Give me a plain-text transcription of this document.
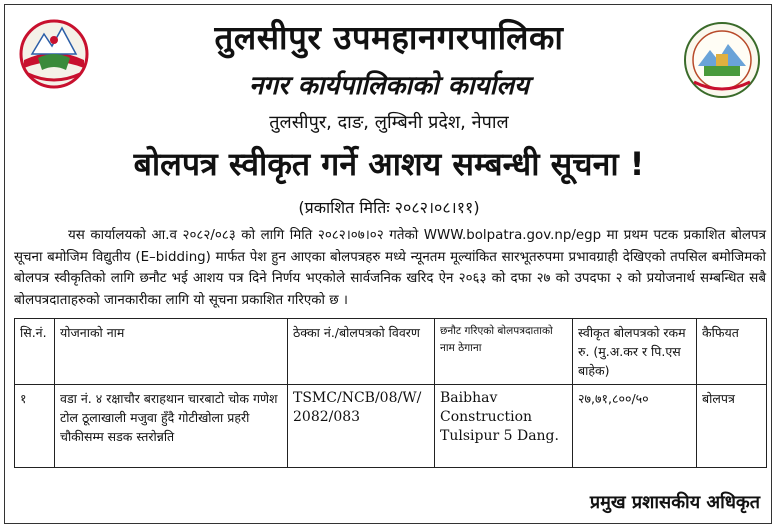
तुलसीपुर उपमहानगरपालिका
नगर कार्यपालिकाको कार्यालय
तुलसीपुर, दाङ, लुम्बिनी प्रदेश, नेपाल
बोलपत्र स्वीकृत गर्ने आशय सम्बन्धी सूचना !
(प्रकाशित मितिः २०८२।०८।११)
यस कार्यालयको आ.व २०८२/०८३ को लागि मिति २०८२।०७।०२ गतेको WWW.bolpatra.gov.np/egp मा प्रथम पटक प्रकाशित बोलपत्र सूचना बमोजिम विद्युतीय (E–bidding) मार्फत पेश हुन आएका बोलपत्रहरु मध्ये न्यूनतम मूल्यांकित सारभूतरुपमा प्रभावग्राही देखिएको तपसिल बमोजिमको बोलपत्र स्वीकृतिको लागि छनौट भई आशय पत्र दिने निर्णय भएकोले सार्वजनिक खरिद ऐन २०६३ को दफा २७ को उपदफा २ को प्रयोजनार्थ सम्बन्धित सबै बोलपत्रदाताहरुको जानकारीका लागि यो सूचना प्रकाशित गरिएको छ ।
सि.नं.	योजनाको नाम	ठेक्का नं./बोलपत्रको विवरण	छनौट गरिएको बोलपत्रदाताको नाम ठेगाना	स्वीकृत बोलपत्रको रकम रु. (मु.अ.कर र पि.एस बाहेक)	कैफियत
१	वडा नं. ४ रक्षाचौर बराहथान चारबाटो चोक गणेश टोल ठूलाखाली मजुवा हुँदै गोटीखोला प्रहरी चौकीसम्म सडक स्तरोन्नति	TSMC/NCB/08/W/ 2082/083	Baibhav Construction Tulsipur 5 Dang.	२७,७१,८००/५०	बोलपत्र
प्रमुख प्रशासकीय अधिकृत
